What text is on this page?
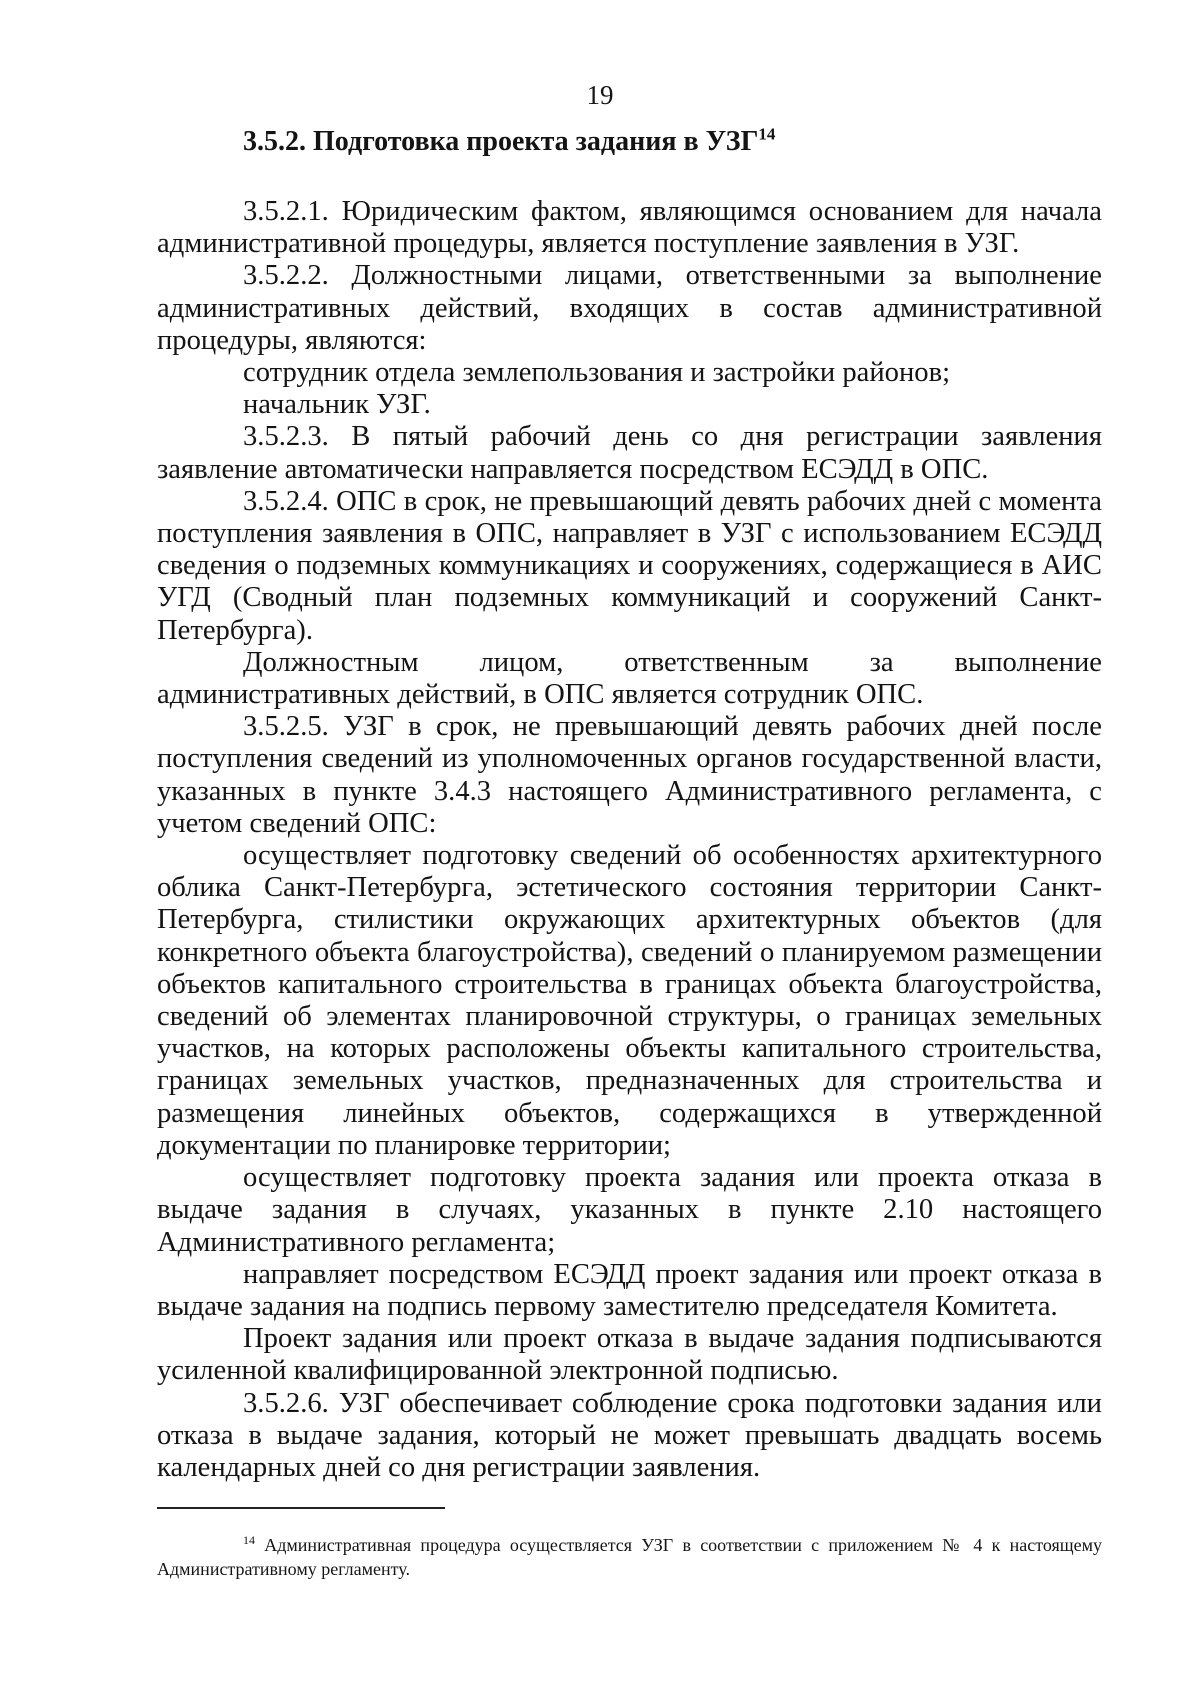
19
3.5.2. Подготовка проекта задания в УЗГ$^{14}$

3.5.2.1. Юридическим фактом, являющимся основанием для начала административной процедуры, является поступление заявления в УЗГ.

3.5.2.2. Должностными лицами, ответственными за выполнение административных действий, входящих в состав административной процедуры, являются:

сотрудник отдела землепользования и застройки районов;

начальник УЗГ.

3.5.2.3. В пятый рабочий день со дня регистрации заявления заявление автоматически направляется посредством ЕСЭДД в ОПС.

3.5.2.4. ОПС в срок, не превышающий девять рабочих дней с момента поступления заявления в ОПС, направляет в УЗГ с использованием ЕСЭДД сведения о подземных коммуникациях и сооружениях, содержащиеся в АИС УГД (Сводный план подземных коммуникаций и сооружений Санкт-Петербурга).

Должностным лицом, ответственным за выполнение административных действий, в ОПС является сотрудник ОПС.

3.5.2.5. УЗГ в срок, не превышающий девять рабочих дней после поступления сведений из уполномоченных органов государственной власти, указанных в пункте 3.4.3 настоящего Административного регламента, с учетом сведений ОПС:

осуществляет подготовку сведений об особенностях архитектурного облика Санкт-Петербурга, эстетического состояния территории Санкт-Петербурга, стилистики окружающих архитектурных объектов (для конкретного объекта благоустройства), сведений о планируемом размещении объектов капитального строительства в границах объекта благоустройства, сведений об элементах планировочной структуры, о границах земельных участков, на которых расположены объекты капитального строительства, границах земельных участков, предназначенных для строительства и размещения линейных объектов, содержащихся в утвержденной документации по планировке территории;

осуществляет подготовку проекта задания или проекта отказа в выдаче задания в случаях, указанных в пункте 2.10 настоящего Административного регламента;

направляет посредством ЕСЭДД проект задания или проект отказа в выдаче задания на подпись первому заместителю председателя Комитета.

Проект задания или проект отказа в выдаче задания подписываются усиленной квалифицированной электронной подписью.

3.5.2.6. УЗГ обеспечивает соблюдение срока подготовки задания или отказа в выдаче задания, который не может превышать двадцать восемь календарных дней со дня регистрации заявления.

$^{14}$ Административная процедура осуществляется УЗГ в соответствии с приложением № 4 к настоящему Административному регламенту.
